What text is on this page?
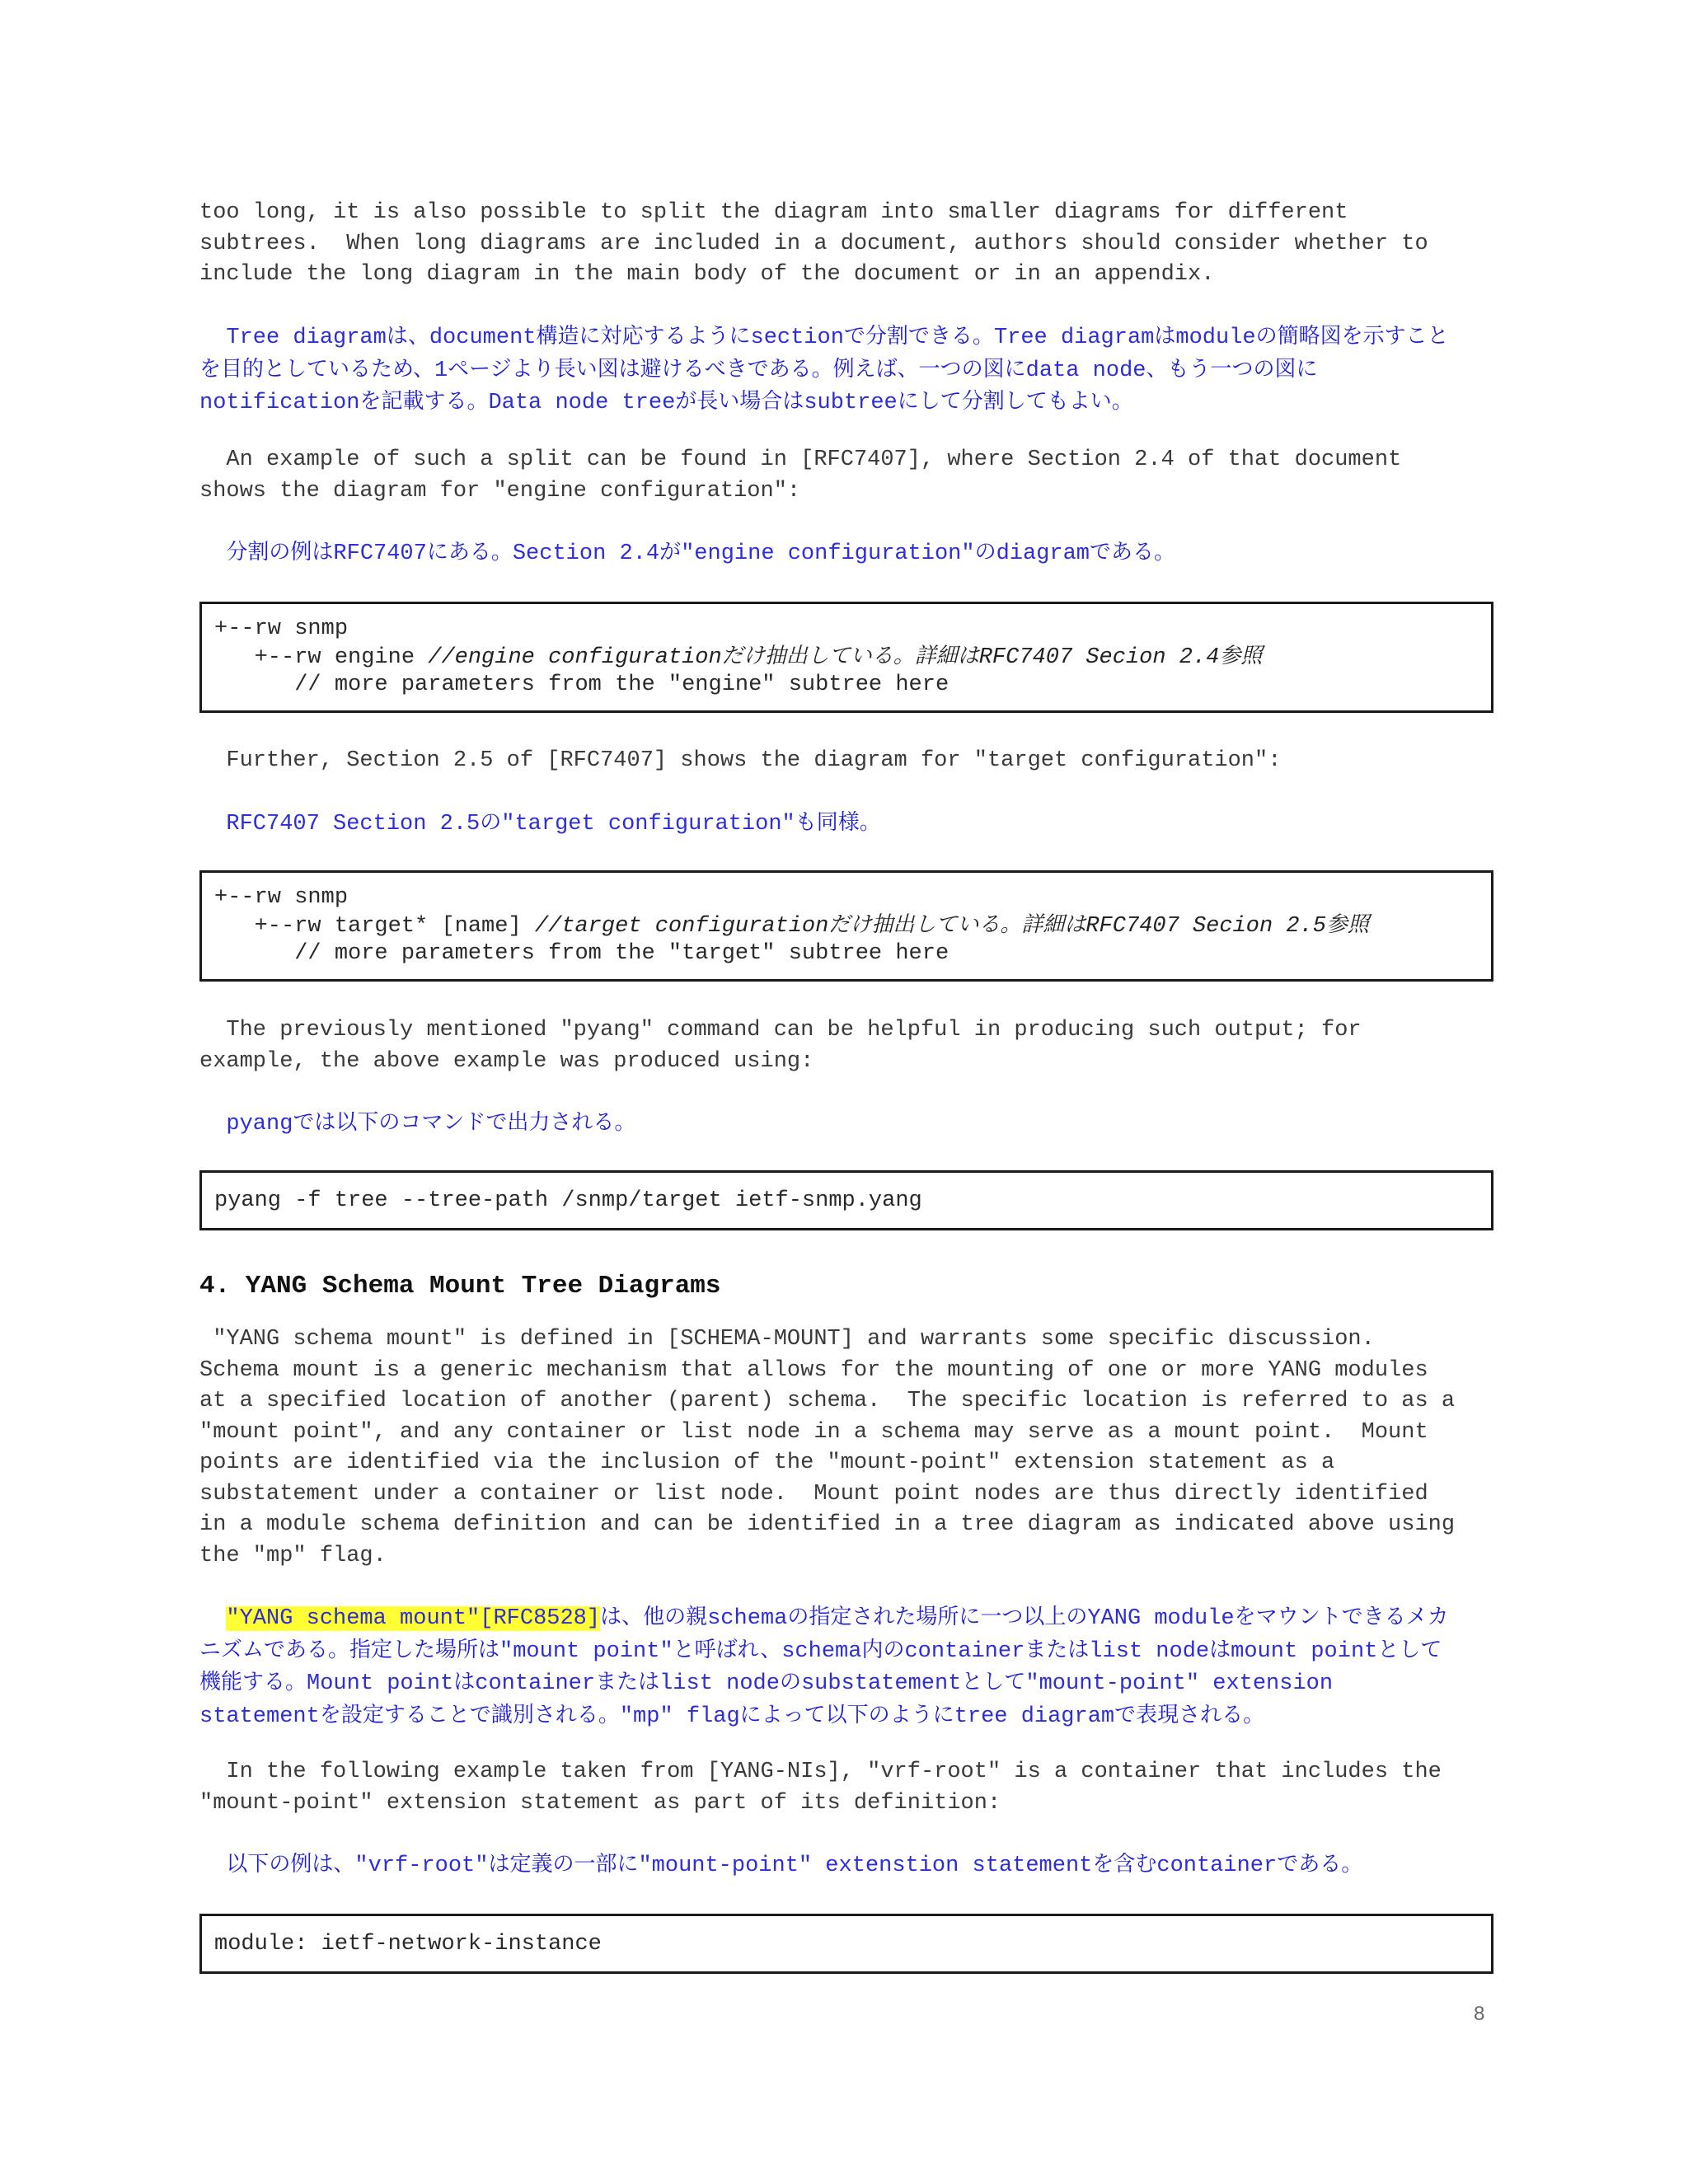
too long, it is also possible to split the diagram into smaller diagrams for different
subtrees.  When long diagrams are included in a document, authors should consider whether to
include the long diagram in the main body of the document or in an appendix.

Tree diagramは、document構造に対応するようにsectionで分割できる。Tree diagramはmoduleの簡略図を示すこと
を目的としているため、1ページより長い図は避けるべきである。例えば、一つの図にdata node、もう一つの図に
notificationを記載する。Data node treeが長い場合はsubtreeにして分割してもよい。

An example of such a split can be found in [RFC7407], where Section 2.4 of that document
shows the diagram for "engine configuration":

分割の例はRFC7407にある。Section 2.4が"engine configuration"のdiagramである。

+--rw snmp
+--rw engine //engine configurationだけ抽出している。詳細はRFC7407 Secion 2.4参照
// more parameters from the "engine" subtree here

Further, Section 2.5 of [RFC7407] shows the diagram for "target configuration":

RFC7407 Section 2.5の"target configuration"も同様。

+--rw snmp
+--rw target* [name] //target configurationだけ抽出している。詳細はRFC7407 Secion 2.5参照
// more parameters from the "target" subtree here

The previously mentioned "pyang" command can be helpful in producing such output; for
example, the above example was produced using:

pyangでは以下のコマンドで出力される。

pyang -f tree --tree-path /snmp/target ietf-snmp.yang
4. YANG Schema Mount Tree Diagrams

"YANG schema mount" is defined in [SCHEMA-MOUNT] and warrants some specific discussion.
Schema mount is a generic mechanism that allows for the mounting of one or more YANG modules
at a specified location of another (parent) schema.  The specific location is referred to as a
"mount point", and any container or list node in a schema may serve as a mount point.  Mount
points are identified via the inclusion of the "mount-point" extension statement as a
substatement under a container or list node.  Mount point nodes are thus directly identified
in a module schema definition and can be identified in a tree diagram as indicated above using
the "mp" flag.

"YANG schema mount"[RFC8528]は、他の親schemaの指定された場所に一つ以上のYANG moduleをマウントできるメカ
ニズムである。指定した場所は"mount point"と呼ばれ、schema内のcontainerまたはlist nodeはmount pointとして
機能する。Mount pointはcontainerまたはlist nodeのsubstatementとして"mount-point" extension
statementを設定することで識別される。"mp" flagによって以下のようにtree diagramで表現される。

In the following example taken from [YANG-NIs], "vrf-root" is a container that includes the
"mount-point" extension statement as part of its definition:

以下の例は、"vrf-root"は定義の一部に"mount-point" extenstion statementを含むcontainerである。

module: ietf-network-instance
8
